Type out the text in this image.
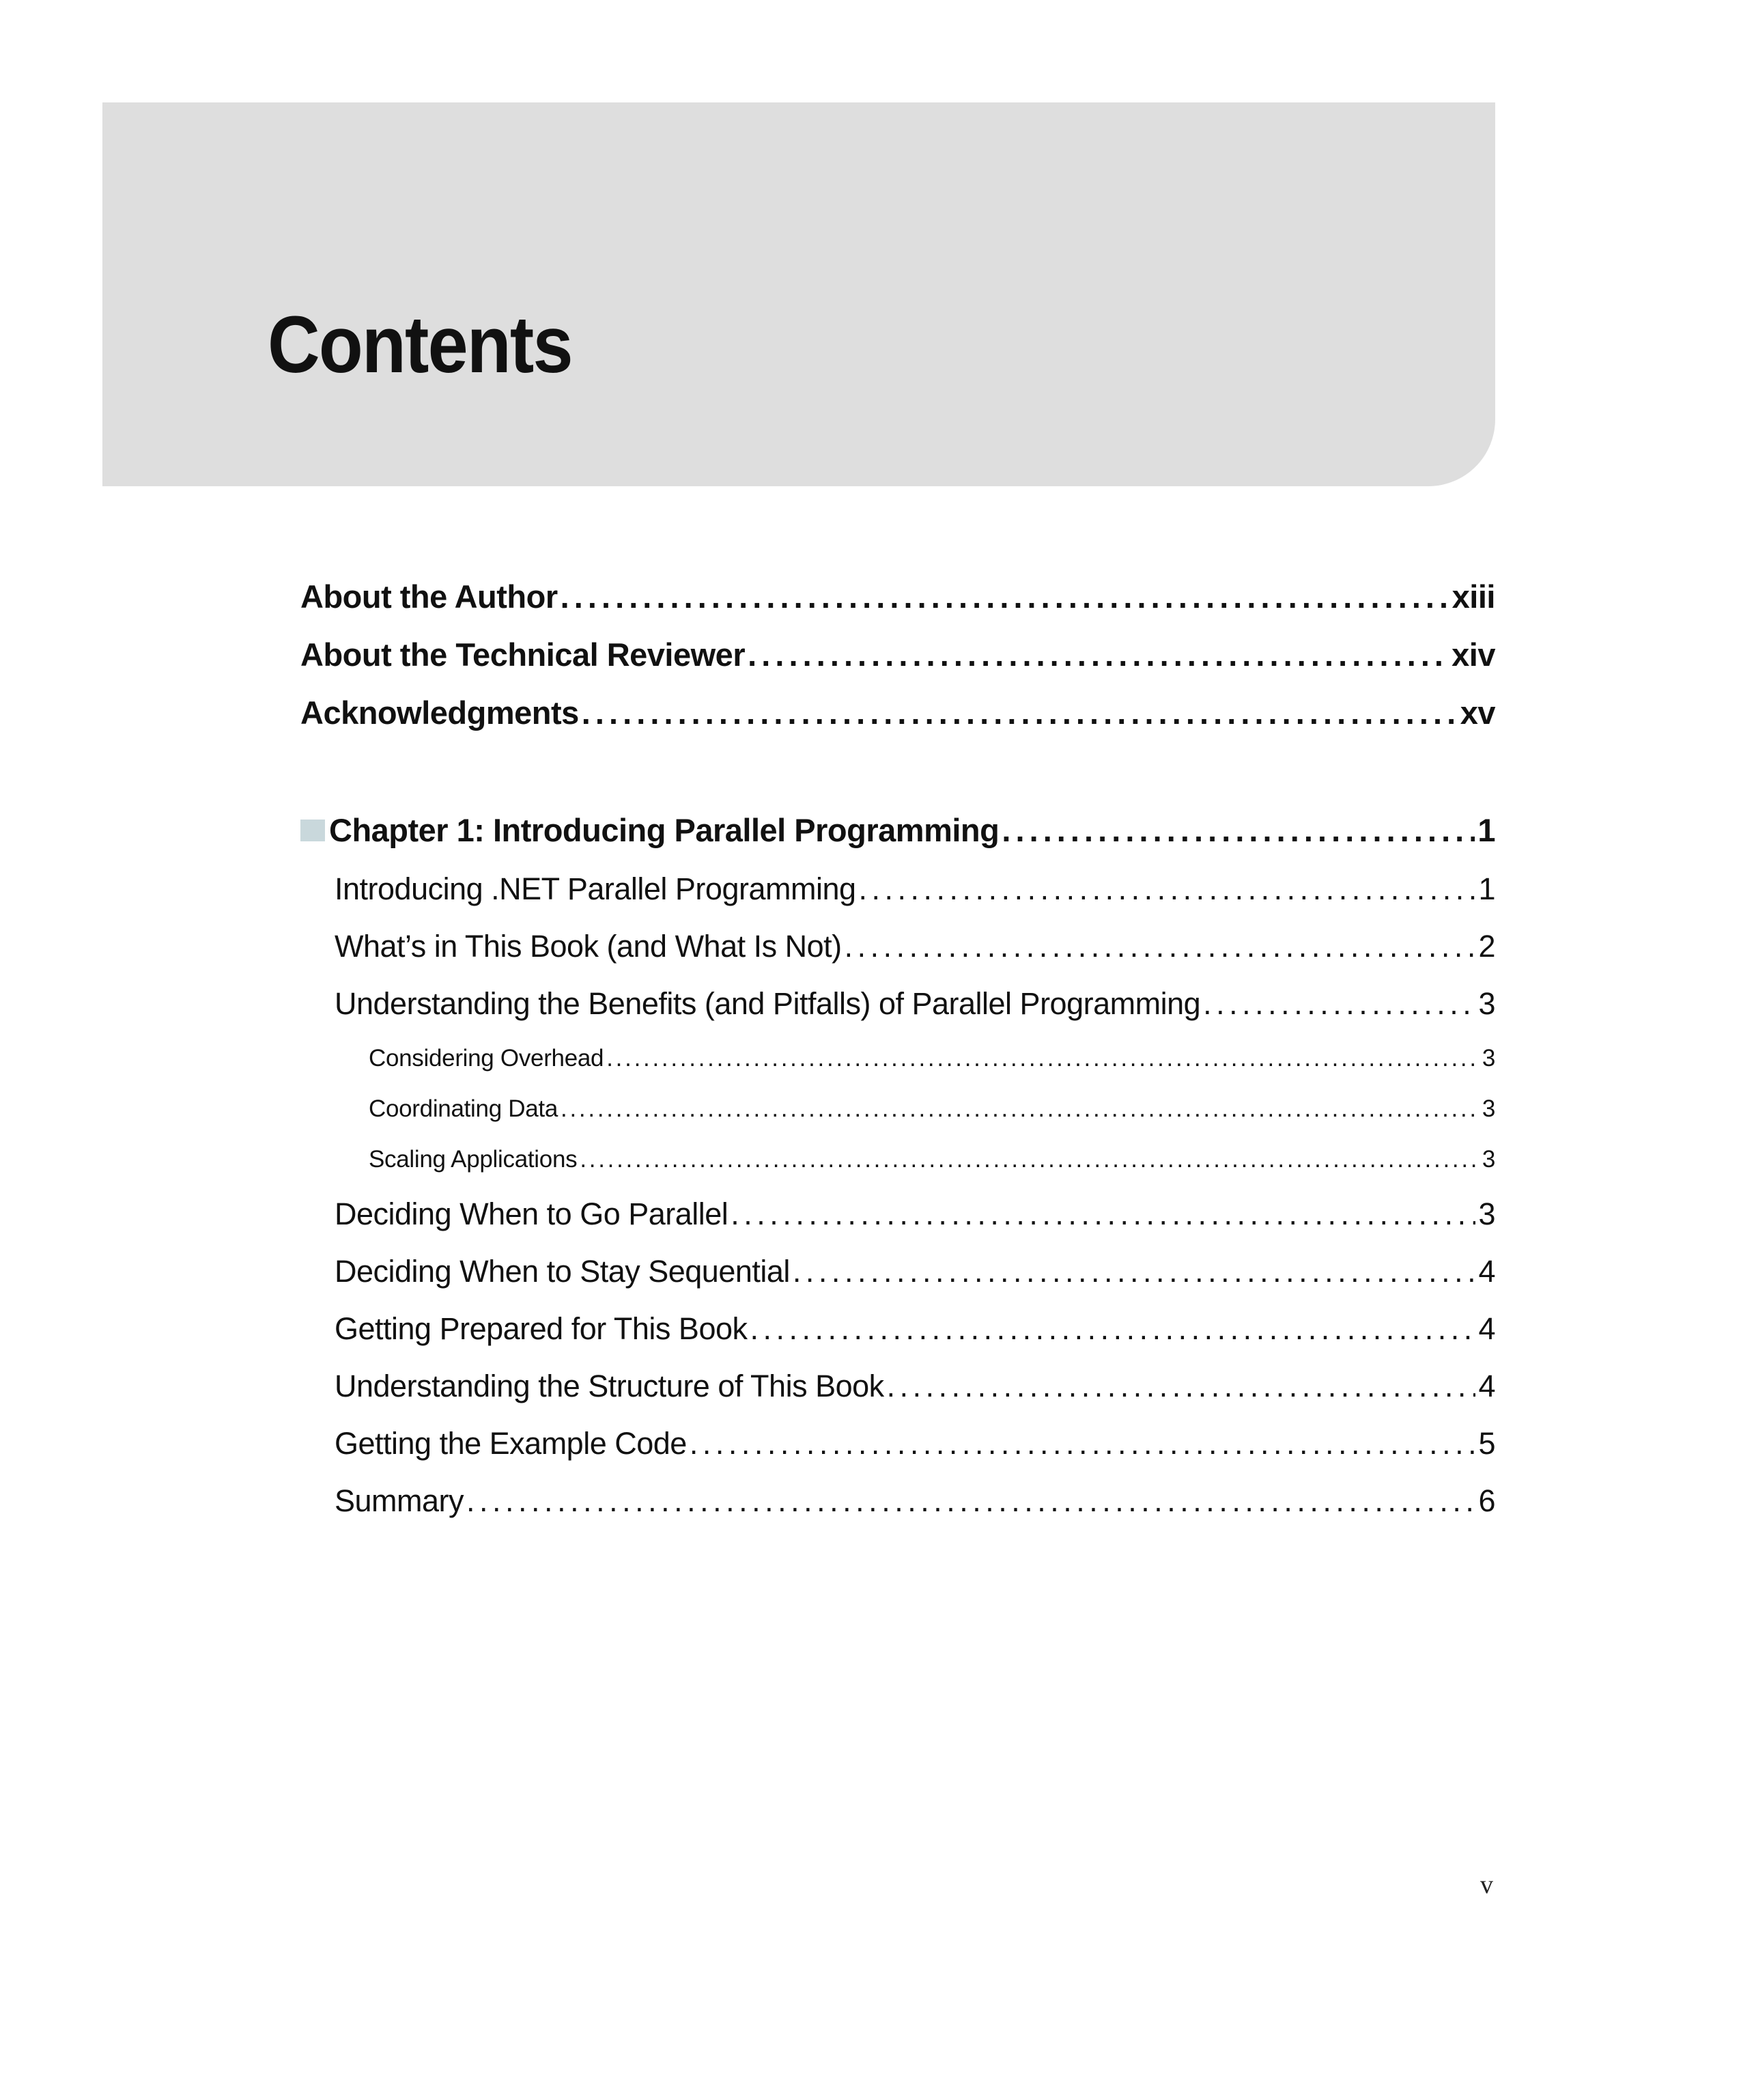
Contents
About the Author . . .	xiii
About the Technical Reviewer . . .	xiv
Acknowledgments . . .	xv
Chapter 1: Introducing Parallel Programming . . .	1
Introducing .NET Parallel Programming . . .	1
What’s in This Book (and What Is Not) . . .	2
Understanding the Benefits (and Pitfalls) of Parallel Programming . . .	3
Considering Overhead . . .	3
Coordinating Data . . .	3
Scaling Applications . . .	3
Deciding When to Go Parallel . . .	3
Deciding When to Stay Sequential . . .	4
Getting Prepared for This Book . . .	4
Understanding the Structure of This Book . . .	4
Getting the Example Code . . .	5
Summary . . .	6
v
